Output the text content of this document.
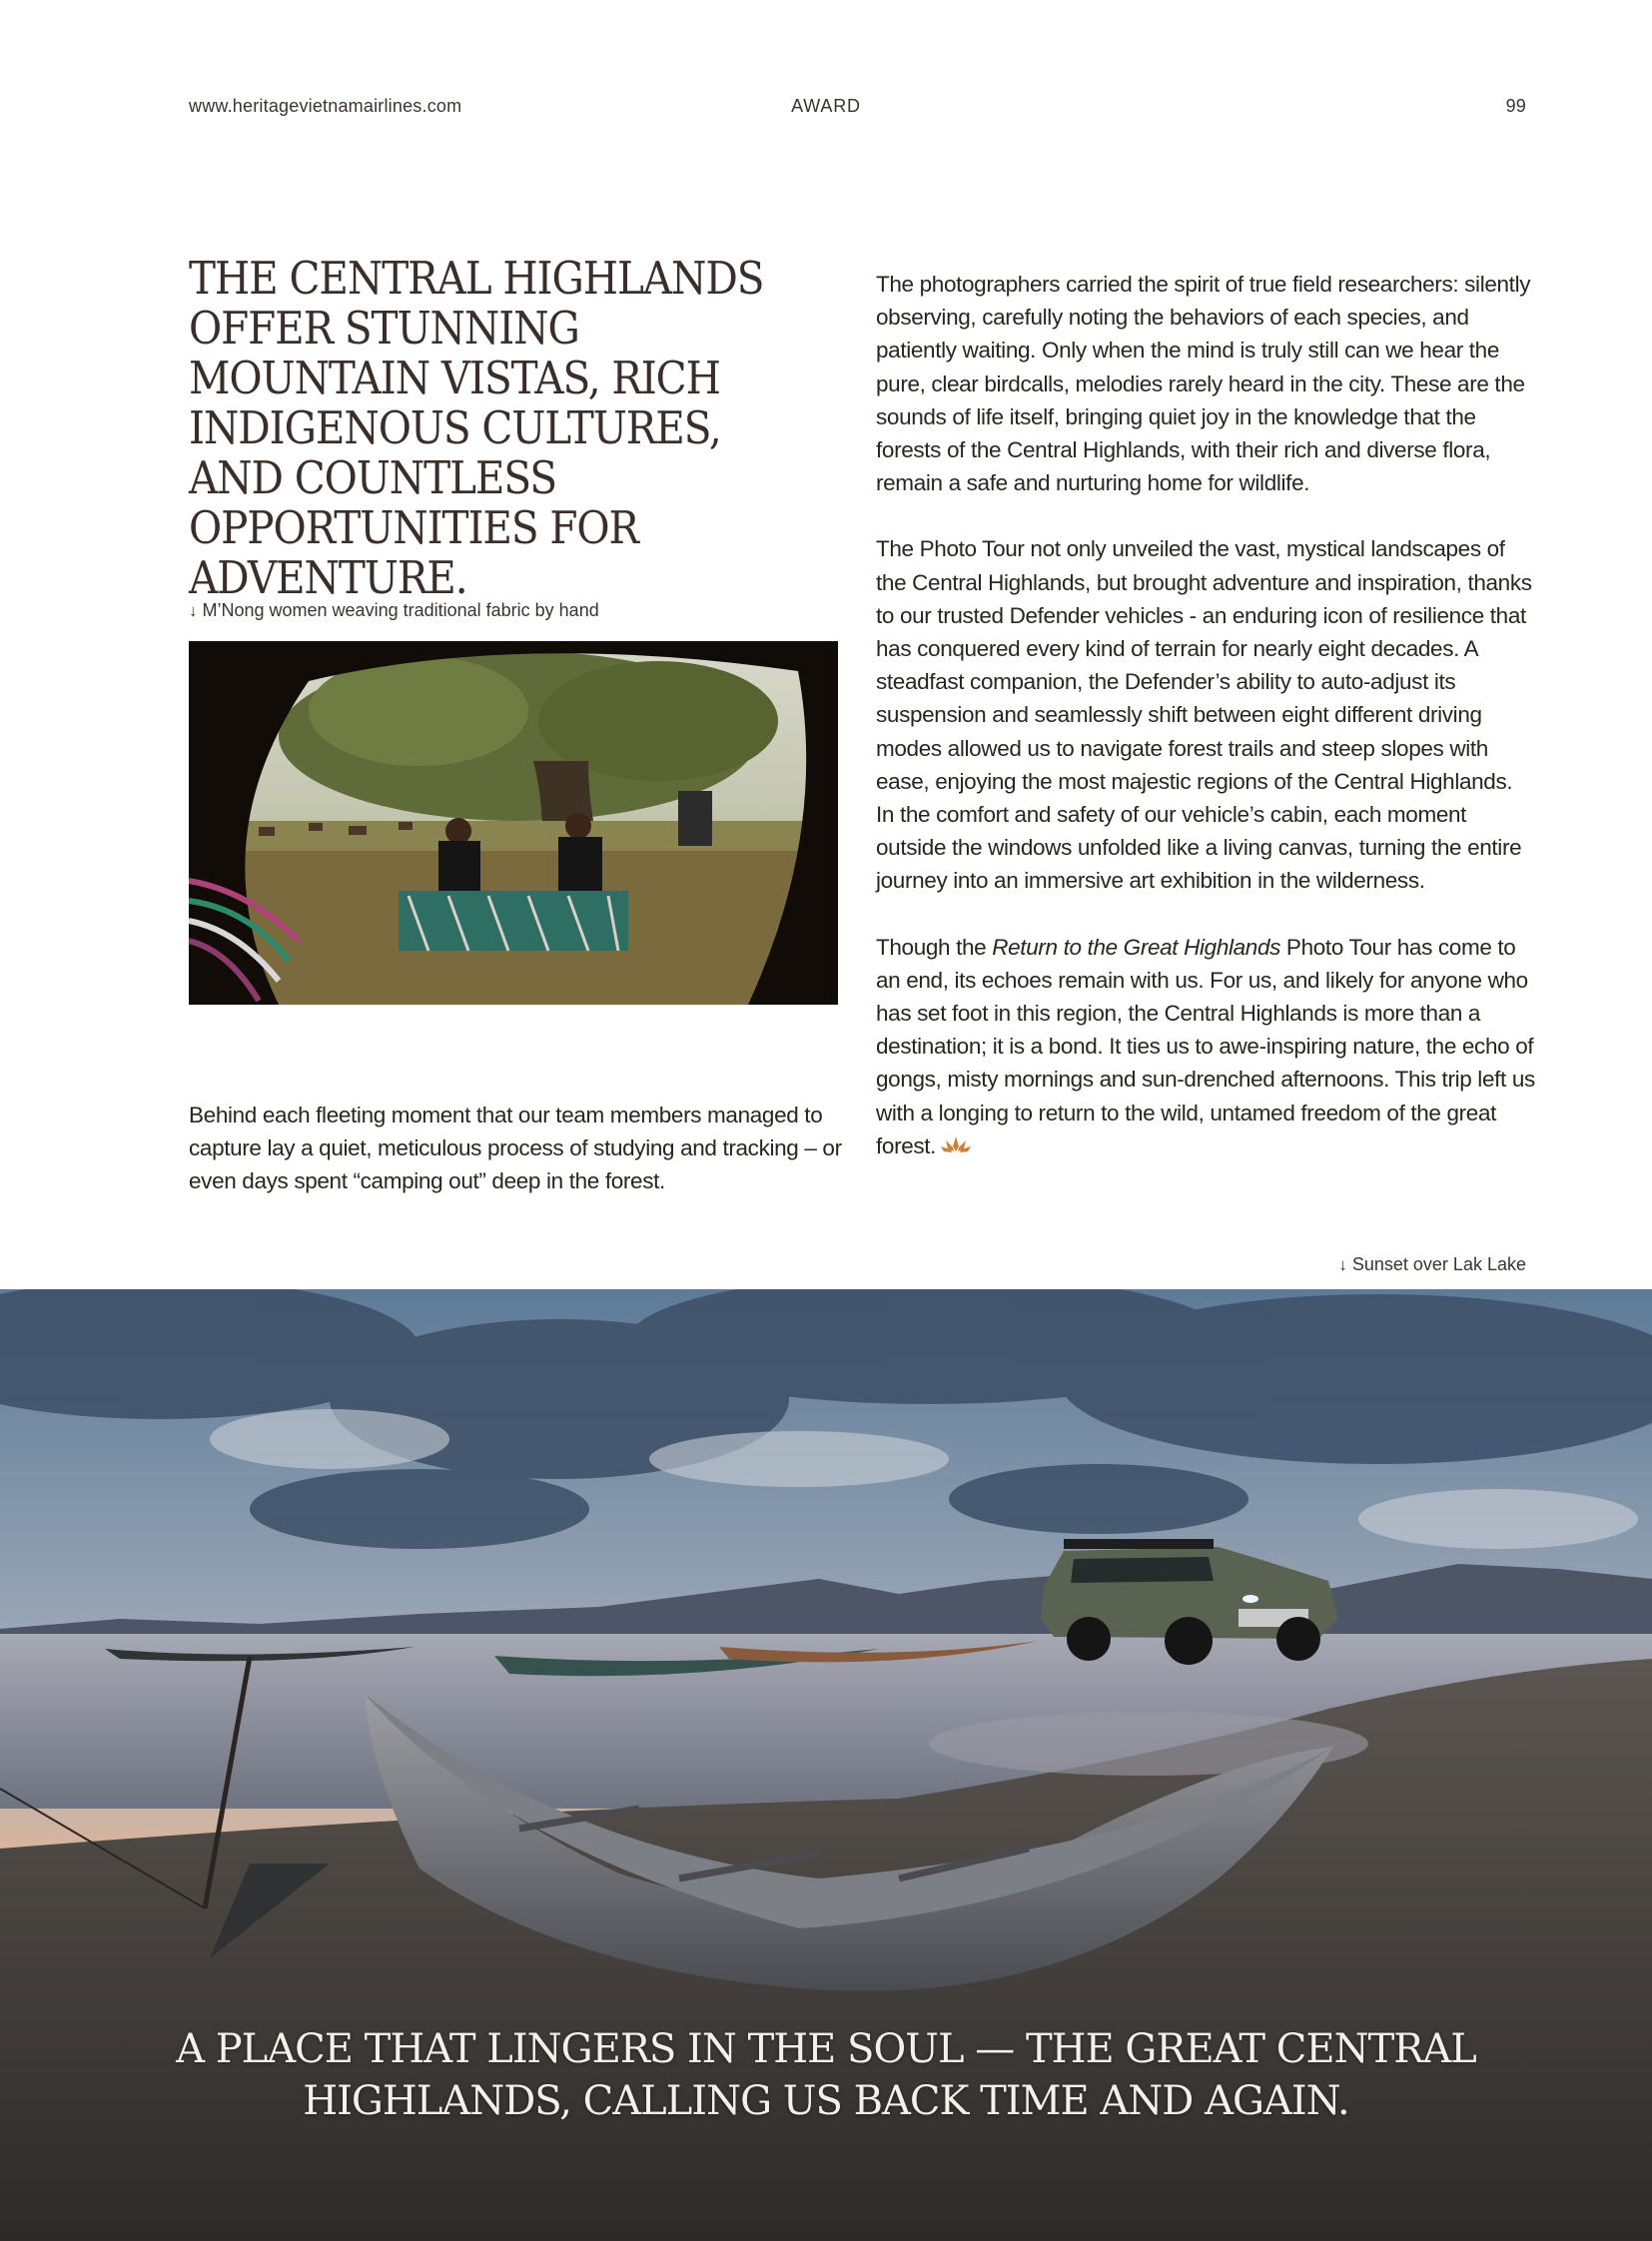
www.heritagevietnamairlines.com	AWARD	99
THE CENTRAL HIGHLANDS OFFER STUNNING MOUNTAIN VISTAS, RICH INDIGENOUS CULTURES, AND COUNTLESS OPPORTUNITIES FOR ADVENTURE.
↓ M’Nong women weaving traditional fabric by hand
Behind each fleeting moment that our team members managed to capture lay a quiet, meticulous process of studying and tracking – or even days spent “camping out” deep in the forest.

The photographers carried the spirit of true field researchers: silently observing, carefully noting the behaviors of each species, and patiently waiting. Only when the mind is truly still can we hear the pure, clear birdcalls, melodies rarely heard in the city. These are the sounds of life itself, bringing quiet joy in the knowledge that the forests of the Central Highlands, with their rich and diverse flora, remain a safe and nurturing home for wildlife.

The Photo Tour not only unveiled the vast, mystical landscapes of the Central Highlands, but brought adventure and inspiration, thanks to our trusted Defender vehicles - an enduring icon of resilience that has conquered every kind of terrain for nearly eight decades. A steadfast companion, the Defender’s ability to auto-adjust its suspension and seamlessly shift between eight different driving modes allowed us to navigate forest trails and steep slopes with ease, enjoying the most majestic regions of the Central Highlands. In the comfort and safety of our vehicle’s cabin, each moment outside the windows unfolded like a living canvas, turning the entire journey into an immersive art exhibition in the wilderness.

Though the Return to the Great Highlands Photo Tour has come to an end, its echoes remain with us. For us, and likely for anyone who has set foot in this region, the Central Highlands is more than a destination; it is a bond. It ties us to awe-inspiring nature, the echo of gongs, misty mornings and sun-drenched afternoons. This trip left us with a longing to return to the wild, untamed freedom of the great forest.

↓ Sunset over Lak Lake
A PLACE THAT LINGERS IN THE SOUL — THE GREAT CENTRAL
HIGHLANDS, CALLING US BACK TIME AND AGAIN.
